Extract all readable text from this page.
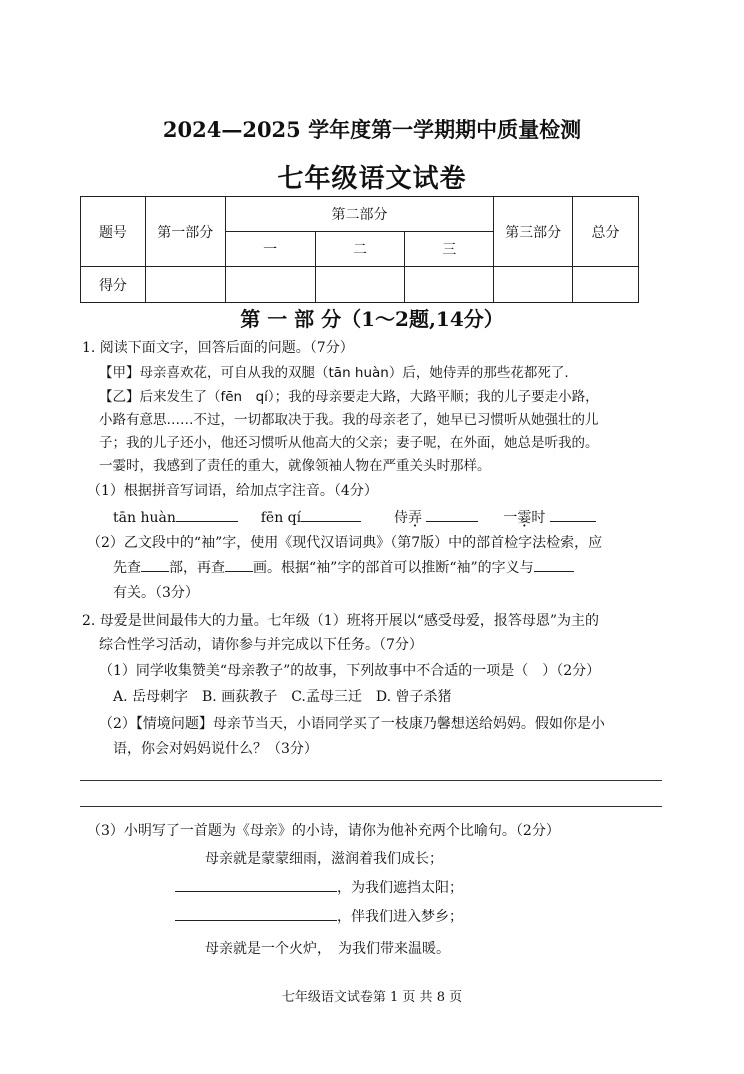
2024—2025 学年度第一学期期中质量检测
七年级语文试卷
题号	第一部分	第二部分			第三部分	总分
		一	二	三		
得分						
第 一 部 分（1～2题,14分）
1. 阅读下面文字，回答后面的问题。（7分）
【甲】母亲喜欢花，可自从我的双腿（tān huàn）后，她侍弄的那些花都死了.
【乙】后来发生了（fēn　qí）；我的母亲要走大路，大路平顺；我的儿子要走小路，
小路有意思……不过，一切都取决于我。我的母亲老了，她早已习惯听从她强壮的儿
子；我的儿子还小，他还习惯听从他高大的父亲；妻子呢，在外面，她总是听我的。
一霎时，我感到了责任的重大，就像领袖人物在严重关头时那样。
（1）根据拼音写词语，给加点字注音。（4分）
tān huàn	fēn qí	侍弄	一霎时
（2）乙文段中的“袖”字，使用《现代汉语词典》（第7版）中的部首检字法检索，应
先查 部，再查 画。根据“袖”字的部首可以推断“袖”的字义与
有关。（3分）
2. 母爱是世间最伟大的力量。七年级（1）班将开展以“感受母爱，报答母恩”为主的
综合性学习活动，请你参与并完成以下任务。（7分）
（1）同学收集赞美“母亲教子”的故事，下列故事中不合适的一项是（　）（2分）
A. 岳母刺字　B. 画荻教子　C.孟母三迁　D. 曾子杀猪
（2）【情境问题】母亲节当天，小语同学买了一枝康乃馨想送给妈妈。假如你是小
语，你会对妈妈说什么？（3分）
（3）小明写了一首题为《母亲》的小诗，请你为他补充两个比喻句。（2分）
母亲就是蒙蒙细雨，滋润着我们成长；
，为我们遮挡太阳；
，伴我们进入梦乡；
母亲就是一个火炉，　为我们带来温暖。
七年级语文试卷第 1 页 共 8 页
